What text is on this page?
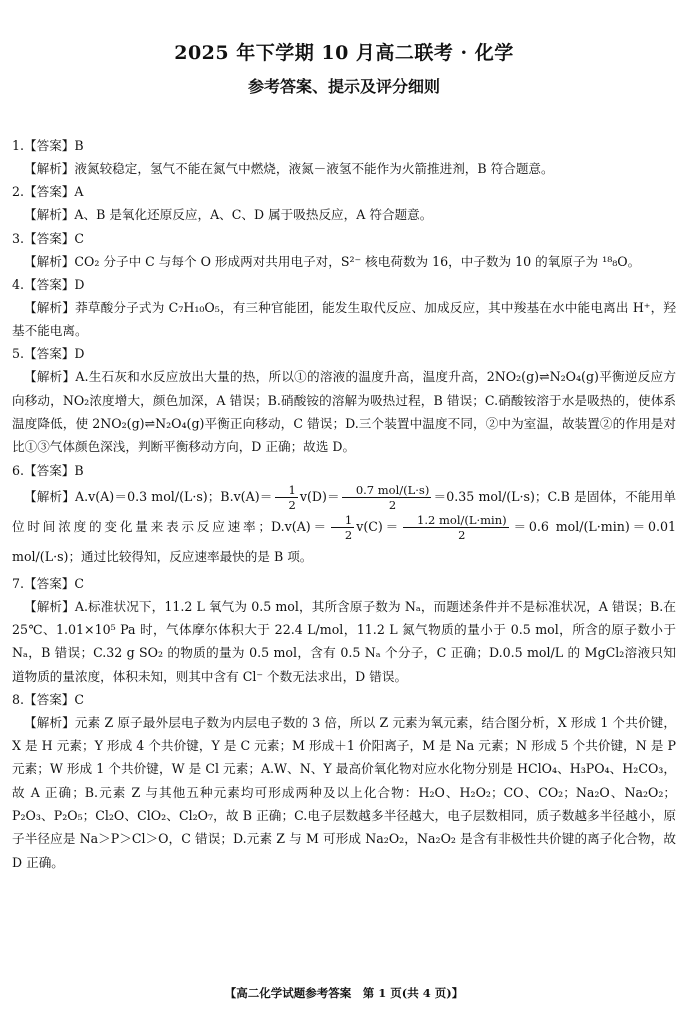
2025 年下学期 10 月高二联考 · 化学
参考答案、提示及评分细则
1.【答案】B
【解析】液氮较稳定，氢气不能在氮气中燃烧，液氮－液氢不能作为火箭推进剂，B 符合题意。
2.【答案】A
【解析】A、B 是氧化还原反应，A、C、D 属于吸热反应，A 符合题意。
3.【答案】C
【解析】CO₂ 分子中 C 与每个 O 形成两对共用电子对，S²⁻ 核电荷数为 16，中子数为 10 的氧原子为 ¹⁸₈O。
4.【答案】D
【解析】莽草酸分子式为 C₇H₁₀O₅，有三种官能团，能发生取代反应、加成反应，其中羧基在水中能电离出 H⁺，羟基不能电离。
5.【答案】D
【解析】A.生石灰和水反应放出大量的热，所以①的溶液的温度升高，温度升高，2NO₂(g)⇌N₂O₄(g)平衡逆反应方向移动，NO₂浓度增大，颜色加深，A 错误；B.硝酸铵的溶解为吸热过程，B 错误；C.硝酸铵溶于水是吸热的，使体系温度降低，使 2NO₂(g)⇌N₂O₄(g)平衡正向移动，C 错误；D.三个装置中温度不同，②中为室温，故装置②的作用是对比①③气体颜色深浅，判断平衡移动方向，D 正确；故选 D。
6.【答案】B
【解析】A.v(A)＝0.3 mol/(L·s)；$B.v(A)= \frac{1}{2} v(D)= \frac{\text{0.7 mol/(L·s)}}{2} =0.35$ mol/(L·s)；C.B 是固体，不能用单位时间浓度的变化量来表示反应速率；$D.v(A)= \frac{1}{2} v(C)= \frac{\text{1.2 mol/(L·min)}}{2} =0.6$ mol/(L·min)＝0.01 mol/(L·s)；通过比较得知，反应速率最快的是 B 项。
7.【答案】C
【解析】A.标准状况下，11.2 L 氧气为 0.5 mol，其所含原子数为 Nₐ，而题述条件并不是标准状况，A 错误；B.在 25℃、1.01×10⁵ Pa 时，气体摩尔体积大于 22.4 L/mol，11.2 L 氮气物质的量小于 0.5 mol，所含的原子数小于 Nₐ，B 错误；C.32 g SO₂ 的物质的量为 0.5 mol，含有 0.5 Nₐ 个分子，C 正确；D.0.5 mol/L 的 MgCl₂溶液只知道物质的量浓度，体积未知，则其中含有 Cl⁻ 个数无法求出，D 错误。
8.【答案】C
【解析】元素 Z 原子最外层电子数为内层电子数的 3 倍，所以 Z 元素为氧元素，结合图分析，X 形成 1 个共价键，X 是 H 元素；Y 形成 4 个共价键，Y 是 C 元素；M 形成＋1 价阳离子，M 是 Na 元素；N 形成 5 个共价键，N 是 P 元素；W 形成 1 个共价键，W 是 Cl 元素；A.W、N、Y 最高价氧化物对应水化物分别是 HClO₄、H₃PO₄、H₂CO₃，故 A 正确；B.元素 Z 与其他五种元素均可形成两种及以上化合物：H₂O、H₂O₂；CO、CO₂；Na₂O、Na₂O₂；P₂O₃、P₂O₅；Cl₂O、ClO₂、Cl₂O₇，故 B 正确；C.电子层数越多半径越大，电子层数相同，质子数越多半径越小，原子半径应是 Na＞P＞Cl＞O，C 错误；D.元素 Z 与 M 可形成 Na₂O₂，Na₂O₂ 是含有非极性共价键的离子化合物，故 D 正确。
【高二化学试题参考答案　第 1 页(共 4 页)】
